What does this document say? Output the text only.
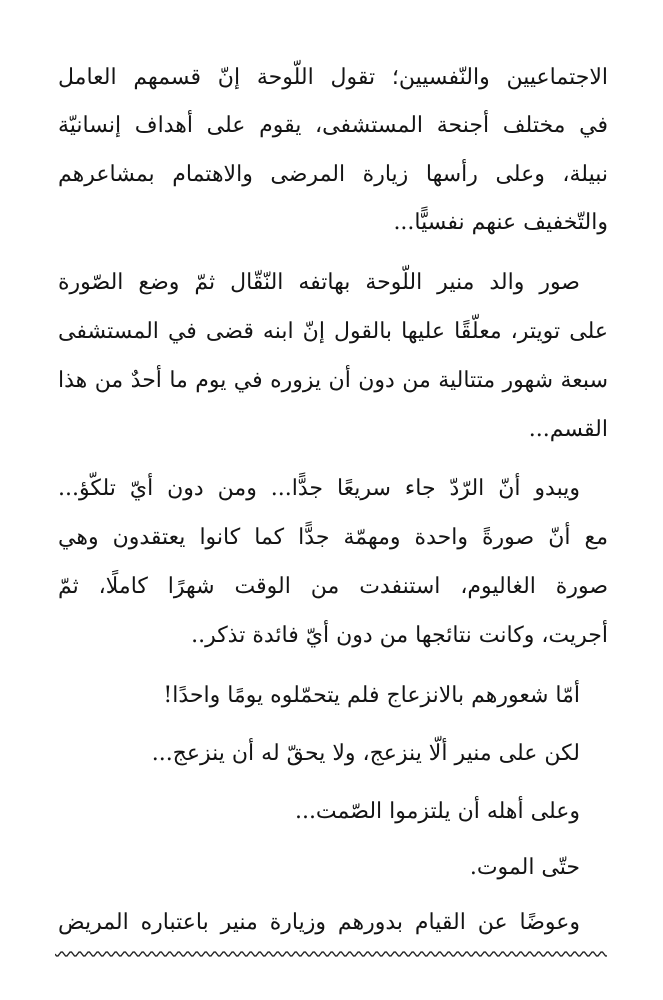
الاجتماعيين والنّفسيين؛ تقول اللّوحة إنّ قسمهم العامل
في مختلف أجنحة المستشفى، يقوم على أهداف إنسانيّة
نبيلة، وعلى رأسها زيارة المرضى والاهتمام بمشاعرهم
والتّخفيف عنهم نفسيًّا...
صور والد منير اللّوحة بهاتفه النّقّال ثمّ وضع الصّورة
على تويتر، معلّقًا عليها بالقول إنّ ابنه قضى في المستشفى
سبعة شهور متتالية من دون أن يزوره في يوم ما أحدٌ من هذا
القسم...
ويبدو أنّ الرّدّ جاء سريعًا جدًّا... ومن دون أيّ تلكّؤ...
مع أنّ صورةً واحدة ومهمّة جدًّا كما كانوا يعتقدون وهي
صورة الغاليوم، استنفدت من الوقت شهرًا كاملًا، ثمّ
أجريت، وكانت نتائجها من دون أيّ فائدة تذكر..
أمّا شعورهم بالانزعاج فلم يتحمّلوه يومًا واحدًا!
لكن على منير ألّا ينزعج، ولا يحقّ له أن ينزعج...
وعلى أهله أن يلتزموا الصّمت...
حتّى الموت.
وعوضًا عن القيام بدورهم وزيارة منير باعتباره المريض
